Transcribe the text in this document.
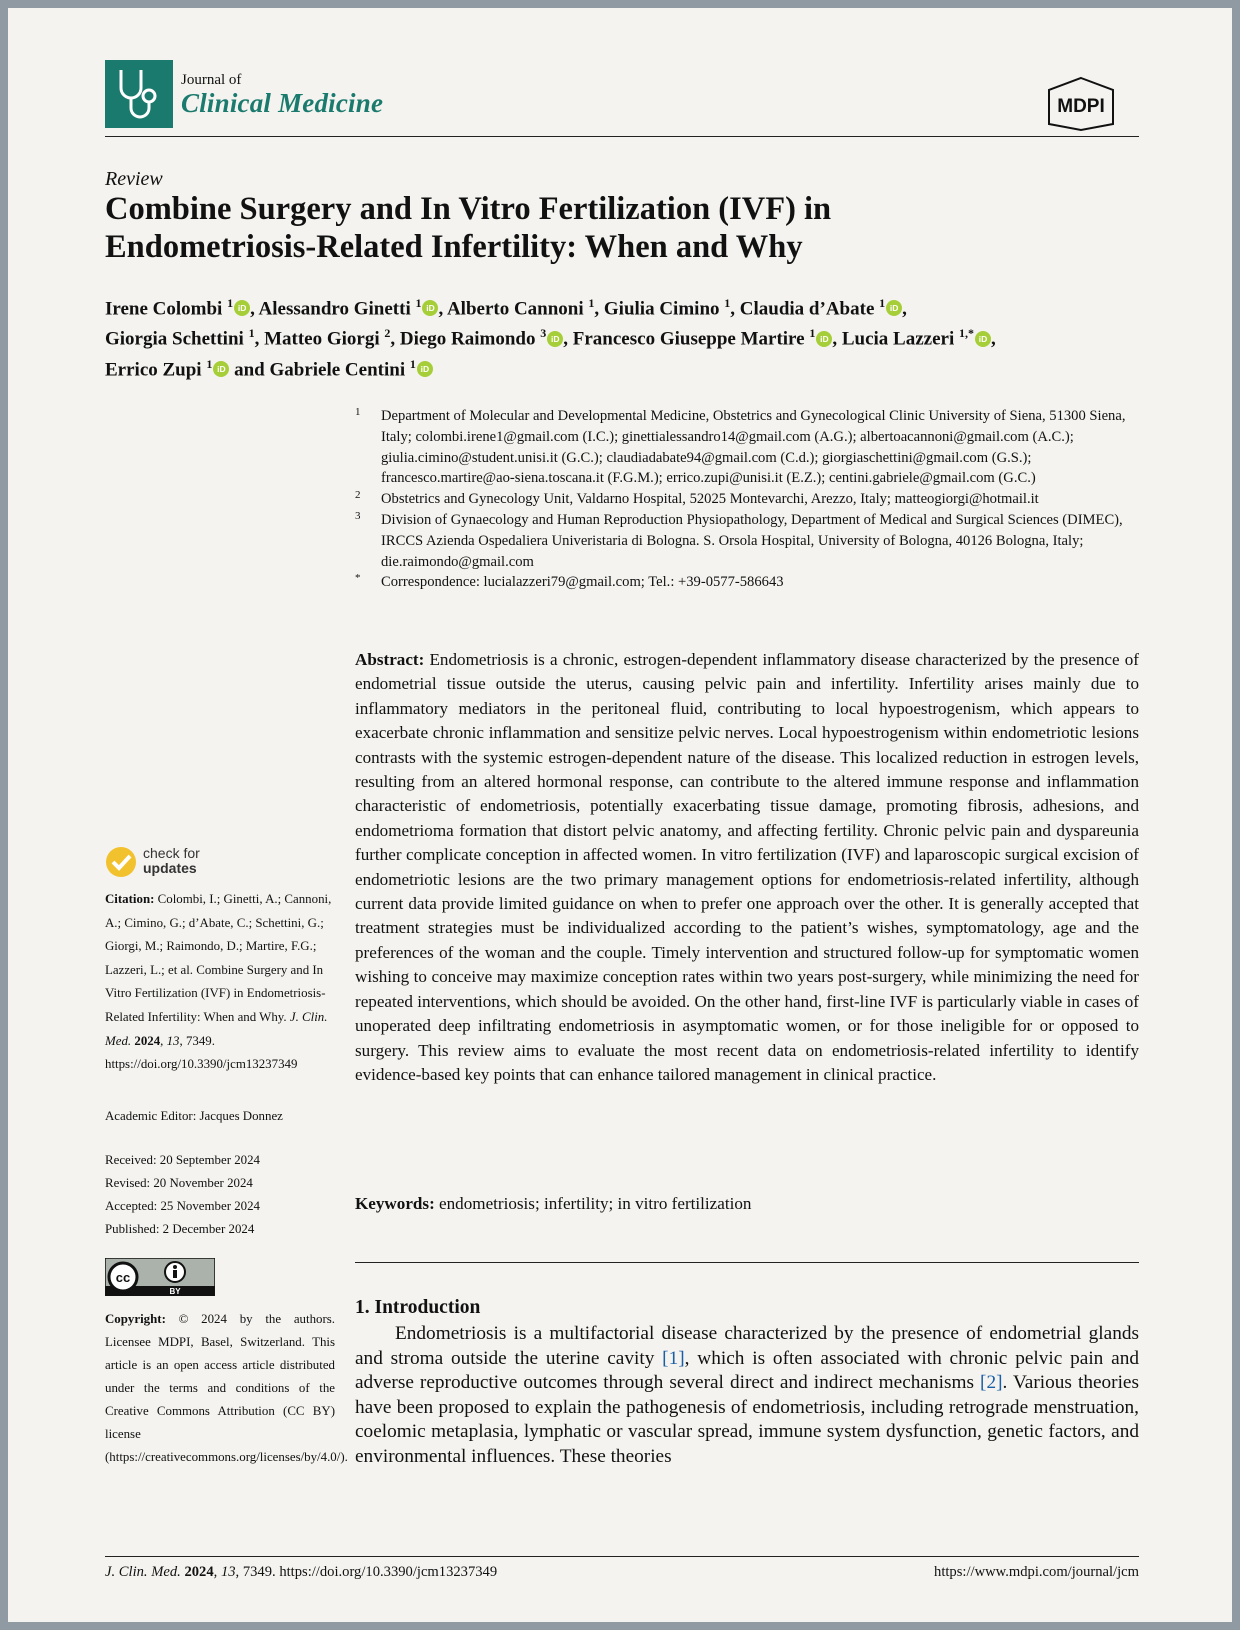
Journal of
Clinical Medicine	MDPI
Review
Combine Surgery and In Vitro Fertilization (IVF) in
Endometriosis-Related Infertility: When and Why
Irene Colombi $^1$ iD , Alessandro Ginetti $^1$ iD , Alberto Cannoni $^1$, Giulia Cimino $^1$, Claudia d’Abate $^1$ iD ,
Giorgia Schettini $^1$, Matteo Giorgi $^2$, Diego Raimondo $^3$ iD , Francesco Giuseppe Martire $^1$ iD , Lucia Lazzeri $^{1,*}$ iD ,
Errico Zupi $^1$ iD and Gabriele Centini $^1$ iD
1 Department of Molecular and Developmental Medicine, Obstetrics and Gynecological Clinic University of Siena, 51300 Siena, Italy; colombi.irene1@gmail.com (I.C.); ginettialessandro14@gmail.com (A.G.); albertoacannoni@gmail.com (A.C.); giulia.cimino@student.unisi.it (G.C.); claudiadabate94@gmail.com (C.d.); giorgiaschettini@gmail.com (G.S.); francesco.martire@ao-siena.toscana.it (F.G.M.); errico.zupi@unisi.it (E.Z.); centini.gabriele@gmail.com (G.C.)
2 Obstetrics and Gynecology Unit, Valdarno Hospital, 52025 Montevarchi, Arezzo, Italy; matteogiorgi@hotmail.it
3 Division of Gynaecology and Human Reproduction Physiopathology, Department of Medical and Surgical Sciences (DIMEC), IRCCS Azienda Ospedaliera Univeristaria di Bologna. S. Orsola Hospital, University of Bologna, 40126 Bologna, Italy; die.raimondo@gmail.com
* Correspondence: lucialazzeri79@gmail.com; Tel.: +39-0577-586643
Abstract: Endometriosis is a chronic, estrogen-dependent inflammatory disease characterized by the presence of endometrial tissue outside the uterus, causing pelvic pain and infertility. Infertility arises mainly due to inflammatory mediators in the peritoneal fluid, contributing to local hypoestrogenism, which appears to exacerbate chronic inflammation and sensitize pelvic nerves. Local hypoestrogenism within endometriotic lesions contrasts with the systemic estrogen-dependent nature of the disease. This localized reduction in estrogen levels, resulting from an altered hormonal response, can contribute to the altered immune response and inflammation characteristic of endometriosis, potentially exacerbating tissue damage, promoting fibrosis, adhesions, and endometrioma formation that distort pelvic anatomy, and affecting fertility. Chronic pelvic pain and dyspareunia further complicate conception in affected women. In vitro fertilization (IVF) and laparoscopic surgical excision of endometriotic lesions are the two primary management options for endometriosis-related infertility, although current data provide limited guidance on when to prefer one approach over the other. It is generally accepted that treatment strategies must be individualized according to the patient’s wishes, symptomatology, age and the preferences of the woman and the couple. Timely intervention and structured follow-up for symptomatic women wishing to conceive may maximize conception rates within two years post-surgery, while minimizing the need for repeated interventions, which should be avoided. On the other hand, first-line IVF is particularly viable in cases of unoperated deep infiltrating endometriosis in asymptomatic women, or for those ineligible for or opposed to surgery. This review aims to evaluate the most recent data on endometriosis-related infertility to identify evidence-based key points that can enhance tailored management in clinical practice.
Keywords: endometriosis; infertility; in vitro fertilization
1. Introduction
Endometriosis is a multifactorial disease characterized by the presence of endometrial glands and stroma outside the uterine cavity [1], which is often associated with chronic pelvic pain and adverse reproductive outcomes through several direct and indirect mechanisms [2]. Various theories have been proposed to explain the pathogenesis of endometriosis, including retrograde menstruation, coelomic metaplasia, lymphatic or vascular spread, immune system dysfunction, genetic factors, and environmental influences. These theories
check for
updates
Citation: Colombi, I.; Ginetti, A.; Cannoni, A.; Cimino, G.; d’Abate, C.; Schettini, G.; Giorgi, M.; Raimondo, D.; Martire, F.G.; Lazzeri, L.; et al. Combine Surgery and In Vitro Fertilization (IVF) in Endometriosis-Related Infertility: When and Why. J. Clin. Med. 2024, 13, 7349. https://doi.org/10.3390/jcm13237349
Academic Editor: Jacques Donnez
Received: 20 September 2024
Revised: 20 November 2024
Accepted: 25 November 2024
Published: 2 December 2024
cc
BY
Copyright: © 2024 by the authors. Licensee MDPI, Basel, Switzerland. This article is an open access article distributed under the terms and conditions of the Creative Commons Attribution (CC BY) license (https://creativecommons.org/licenses/by/4.0/).
J. Clin. Med. 2024, 13, 7349. https://doi.org/10.3390/jcm13237349	https://www.mdpi.com/journal/jcm
